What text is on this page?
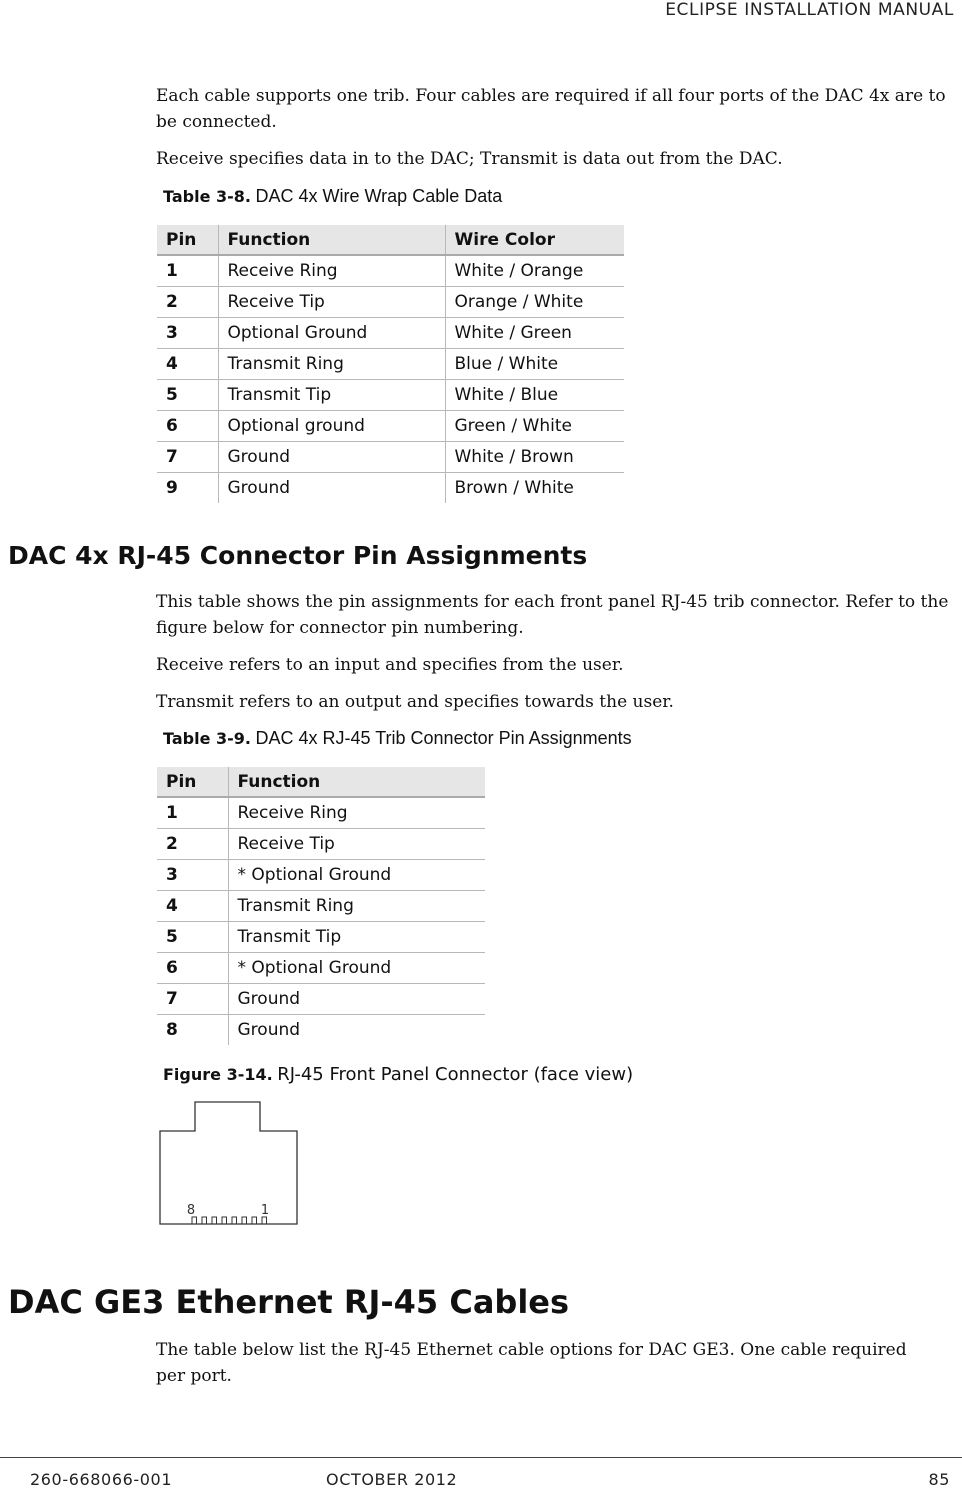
ECLIPSE INSTALLATION MANUAL

Each cable supports one trib. Four cables are required if all four ports of the DAC 4x are to be connected.

Receive specifies data in to the DAC; Transmit is data out from the DAC.

Table 3-8. DAC 4x Wire Wrap Cable Data
Pin	Function	Wire Color
1	Receive Ring	White / Orange
2	Receive Tip	Orange / White
3	Optional Ground	White / Green
4	Transmit Ring	Blue / White
5	Transmit Tip	White / Blue
6	Optional ground	Green / White
7	Ground	White / Brown
9	Ground	Brown / White
DAC 4x RJ-45 Connector Pin Assignments

This table shows the pin assignments for each front panel RJ-45 trib connector. Refer to the figure below for connector pin numbering.

Receive refers to an input and specifies from the user.

Transmit refers to an output and specifies towards the user.

Table 3-9. DAC 4x RJ-45 Trib Connector Pin Assignments
Pin	Function
1	Receive Ring
2	Receive Tip
3	* Optional Ground
4	Transmit Ring
5	Transmit Tip
6	* Optional Ground
7	Ground
8	Ground
Figure 3-14. RJ-45 Front Panel Connector (face view)
8	1
DAC GE3 Ethernet RJ-45 Cables

The table below list the RJ-45 Ethernet cable options for DAC GE3. One cable required per port.

260-668066-001	OCTOBER 2012	85
